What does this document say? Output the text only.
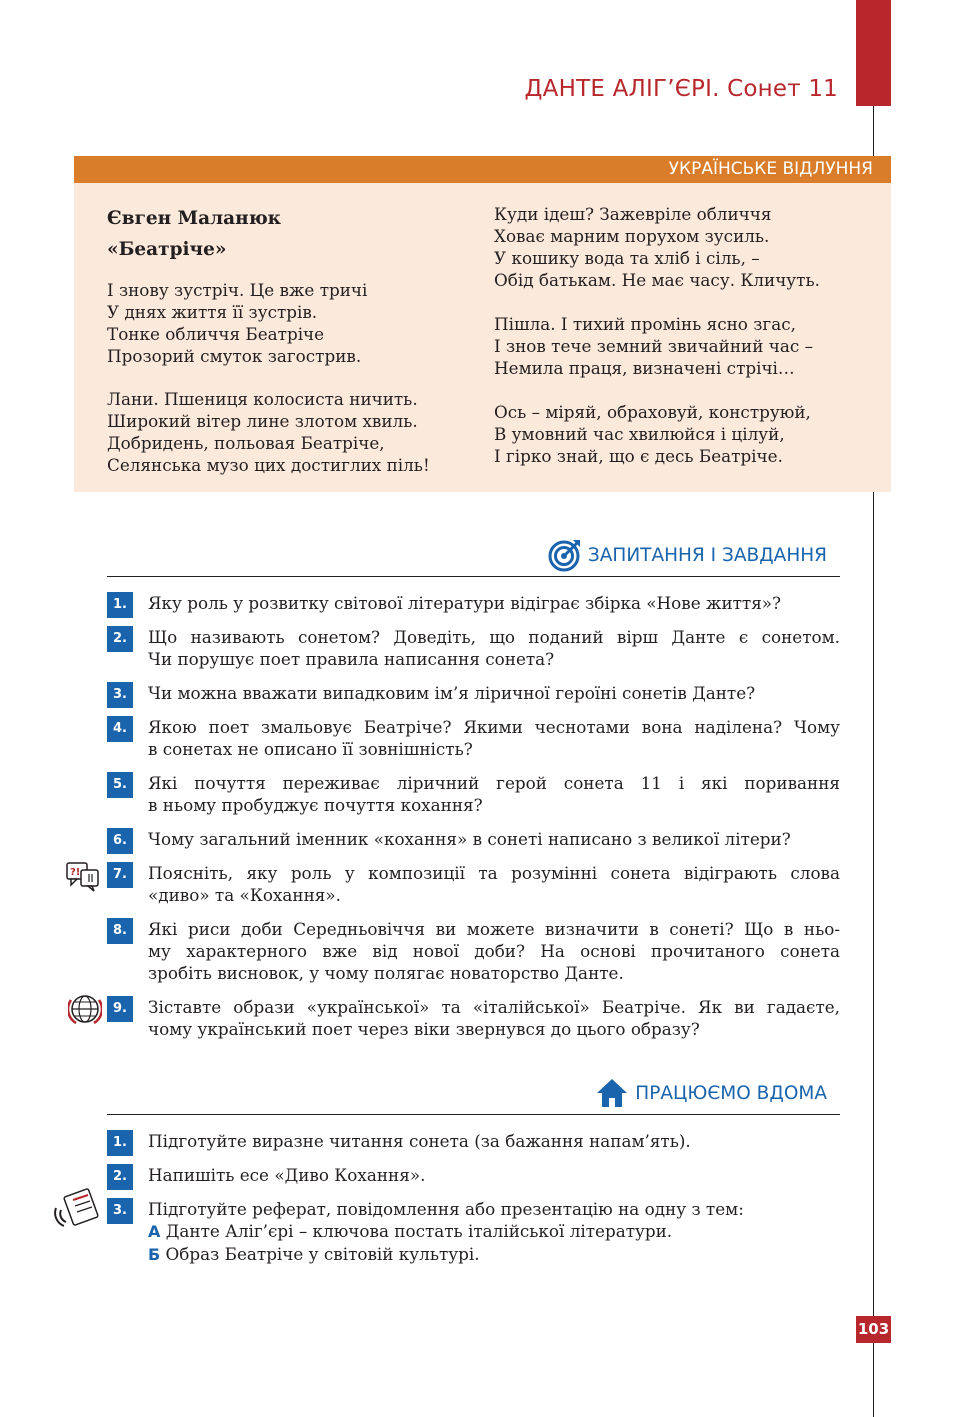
ДАНТЕ АЛІГ’ЄРІ. Сонет 11
УКРАЇНСЬКЕ ВІДЛУННЯ
Євген Маланюк
«Беатріче»
І знову зустріч. Це вже тричі
У днях життя її зустрів.
Тонке обличчя Беатріче
Прозорий смуток загострив.
Лани. Пшениця колосиста ничить.
Широкий вітер лине злотом хвиль.
Добридень, польовая Беатріче,
Селянська музо цих достиглих піль!
Куди ідеш? Зажевріле обличчя
Ховає марним порухом зусиль.
У кошику вода та хліб і сіль, –
Обід батькам. Не має часу. Кличуть.
Пішла. І тихий промінь ясно згас,
І знов тече земний звичайний час –
Немила праця, визначені стрічі…
Ось – міряй, обраховуй, конструюй,
В умовний час хвилюйся і цілуй,
І гірко знай, що є десь Беатріче.
ЗАПИТАННЯ І ЗАВДАННЯ
1.	Яку роль у розвитку світової літератури відіграє збірка «Нове життя»?
2.	Що називають сонетом? Доведіть, що поданий вірш Данте є сонетом.
Чи порушує поет правила написання сонета?
3.	Чи можна вважати випадковим ім’я ліричної героїні сонетів Данте?
4.	Якою поет змальовує Беатріче? Якими чеснотами вона наділена? Чому
в сонетах не описано її зовнішність?
5.	Які почуття переживає ліричний герой сонета 11 і які поривання
в ньому пробуджує почуття кохання?
6.	Чому загальний іменник «кохання» в сонеті написано з великої літери?
?!	7.	Поясніть, яку роль у композиції та розумінні сонета відіграють слова
«диво» та «Кохання».
8.	Які риси доби Середньовіччя ви можете визначити в сонеті? Що в ньо-
му характерного вже від нової доби? На основі прочитаного сонета
зробіть висновок, у чому полягає новаторство Данте.
9.	Зіставте образи «української» та «італійської» Беатріче. Як ви гадаєте,
чому український поет через віки звернувся до цього образу?
ПРАЦЮЄМО ВДОМА
1.	Підготуйте виразне читання сонета (за бажання напам’ять).
2.	Напишіть есе «Диво Кохання».
3.	Підготуйте реферат, повідомлення або презентацію на одну з тем:
А Данте Аліг’єрі – ключова постать італійської літератури.
Б Образ Беатріче у світовій культурі.
103
